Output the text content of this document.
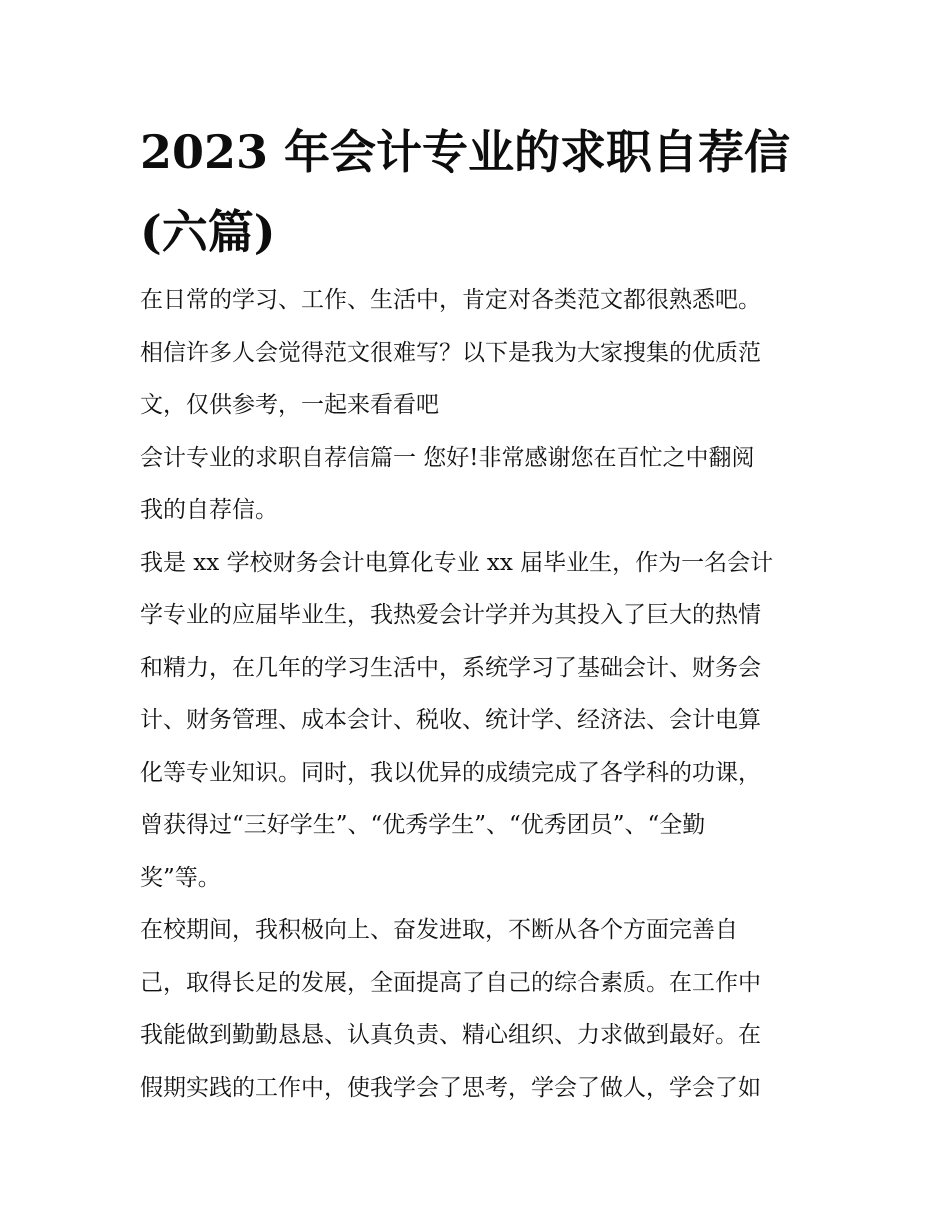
2023 年会计专业的求职自荐信
(六篇)
在日常的学习、工作、生活中，肯定对各类范文都很熟悉吧。
相信许多人会觉得范文很难写？以下是我为大家搜集的优质范
文，仅供参考，一起来看看吧
会计专业的求职自荐信篇一 您好!非常感谢您在百忙之中翻阅
我的自荐信。
我是 xx 学校财务会计电算化专业 xx 届毕业生，作为一名会计
学专业的应届毕业生，我热爱会计学并为其投入了巨大的热情
和精力，在几年的学习生活中，系统学习了基础会计、财务会
计、财务管理、成本会计、税收、统计学、经济法、会计电算
化等专业知识。同时，我以优异的成绩完成了各学科的功课，
曾获得过“三好学生”、“优秀学生”、“优秀团员”、“全勤
奖”等。
在校期间，我积极向上、奋发进取，不断从各个方面完善自
己，取得长足的发展，全面提高了自己的综合素质。在工作中
我能做到勤勤恳恳、认真负责、精心组织、力求做到最好。在
假期实践的工作中，使我学会了思考，学会了做人，学会了如
